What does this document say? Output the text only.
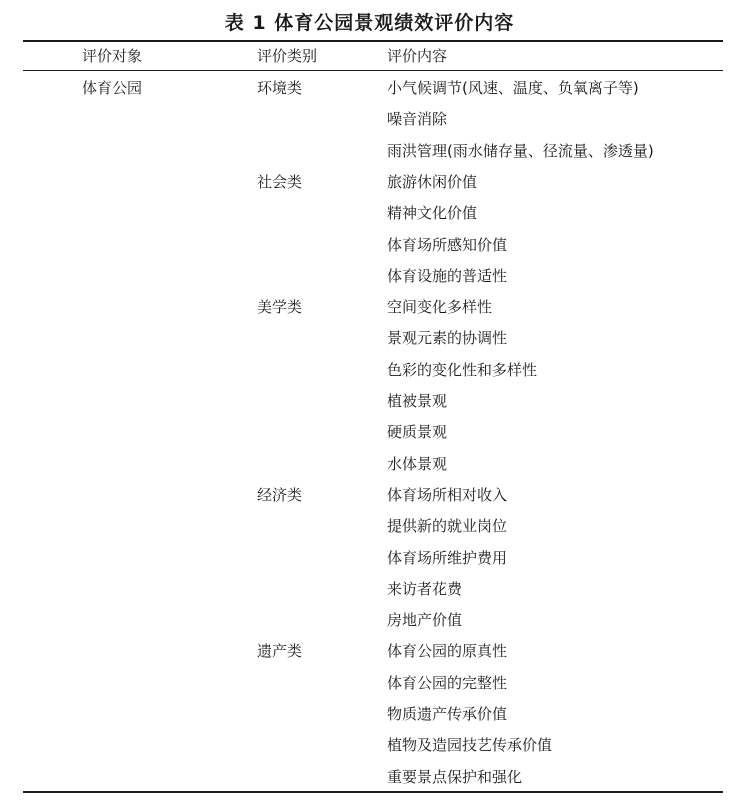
表 1 体育公园景观绩效评价内容
评价对象	评价类别	评价内容
体育公园	环境类	小气候调节(风速、温度、负氧离子等)
噪音消除
雨洪管理(雨水储存量、径流量、渗透量)
社会类	旅游休闲价值
精神文化价值
体育场所感知价值
体育设施的普适性
美学类	空间变化多样性
景观元素的协调性
色彩的变化性和多样性
植被景观
硬质景观
水体景观
经济类	体育场所相对收入
提供新的就业岗位
体育场所维护费用
来访者花费
房地产价值
遗产类	体育公园的原真性
体育公园的完整性
物质遗产传承价值
植物及造园技艺传承价值
重要景点保护和强化
